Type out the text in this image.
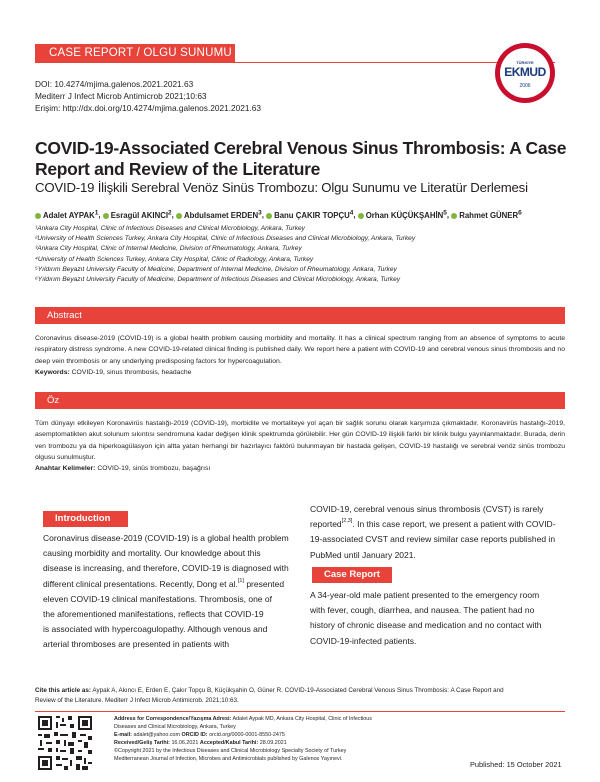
CASE REPORT / OLGU SUNUMU
TÜRKİYE
EKMUD
2006
DOI: 10.4274/mjima.galenos.2021.2021.63
Mediterr J Infect Microb Antimicrob 2021;10:63
Erişim: http://dx.doi.org/10.4274/mjima.galenos.2021.2021.63
COVID-19-Associated Cerebral Venous Sinus Thrombosis: A Case
Report and Review of the Literature
COVID-19 İlişkili Serebral Venöz Sinüs Trombozu: Olgu Sunumu ve Literatür Derlemesi
Adalet AYPAK$^1$, Esragül AKINCI$^2$, Abdulsamet ERDEN$^3$, Banu ÇAKIR TOPÇU$^4$, Orhan KÜÇÜKŞAHİN$^5$, Rahmet GÜNER$^6$
¹Ankara City Hospital, Clinic of Infectious Diseases and Clinical Microbiology, Ankara, Turkey
²University of Health Sciences Turkey, Ankara City Hospital, Clinic of Infectious Diseases and Clinical Microbiology, Ankara, Turkey
³Ankara City Hospital, Clinic of Internal Medicine, Division of Rheumatology, Ankara, Turkey
⁴University of Health Sciences Turkey, Ankara City Hospital, Clinic of Radiology, Ankara, Turkey
⁵Yıldırım Beyazıt University Faculty of Medicine, Department of Internal Medicine, Division of Rheumatology, Ankara, Turkey
⁶Yıldırım Beyazıt University Faculty of Medicine, Department of Infectious Diseases and Clinical Microbiology, Ankara, Turkey
Abstract
Coronavirus disease-2019 (COVID-19) is a global health problem causing morbidity and mortality. It has a clinical spectrum ranging from an absence of symptoms to acute respiratory distress syndrome. A new COVID-19-related clinical finding is published daily. We report here a patient with COVID-19 and cerebral venous sinus thrombosis and no deep vein thrombosis or any underlying predisposing factors for hypercoagulation.
Keywords: COVID-19, sinus thrombosis, headache
Öz
Tüm dünyayı etkileyen Koronavirüs hastalığı-2019 (COVID-19), morbidite ve mortaliteye yol açan bir sağlık sorunu olarak karşımıza çıkmaktadır. Koronavirüs hastalığı-2019, asemptomatikten akut solunum sıkıntısı sendromuna kadar değişen klinik spektrumda görülebilir. Her gün COVID-19 ilişkili farklı bir klinik bulgu yayınlanmaktadır. Burada, derin ven trombozu ya da hiperkoagülasyon için altta yatan herhangi bir hazırlayıcı faktörü bulunmayan bir hastada gelişen, COVID-19 hastalığı ve serebral venöz sinüs trombozu olgusu sunulmuştur.
Anahtar Kelimeler: COVID-19, sinüs trombozu, başağrısı
Introduction
Coronavirus disease-2019 (COVID-19) is a global health problem
causing morbidity and mortality. Our knowledge about this
disease is increasing, and therefore, COVID-19 is diagnosed with
different clinical presentations. Recently, Dong et al.[1] presented
eleven COVID-19 clinical manifestations. Thrombosis, one of
the aforementioned manifestations, reflects that COVID-19
is associated with hypercoagulopathy. Although venous and
arterial thromboses are presented in patients with
COVID-19, cerebral venous sinus thrombosis (CVST) is rarely
reported[2,3]. In this case report, we present a patient with COVID-
19-associated CVST and review similar case reports published in
PubMed until January 2021.
Case Report
A 34-year-old male patient presented to the emergency room
with fever, cough, diarrhea, and nausea. The patient had no
history of chronic disease and medication and no contact with
COVID-19-infected patients.
Cite this article as: Aypak A, Akıncı E, Erden E, Çakır Topçu B, Küçükşahin O, Güner R. COVID-19-Associated Cerebral Venous Sinus Thrombosis: A Case Report and
Review of the Literature. Mediterr J Infect Microb Antimicrob. 2021;10:63.
Address for Correspondence/Yazışma Adresi: Adalet Aypak MD, Ankara City Hospital, Clinic of Infectious
Diseases and Clinical Microbiology, Ankara, Turkey
E-mail: adalet@yahoo.com ORCID ID: orcid.org/0000-0001-8550-2475
Received/Geliş Tarihi: 16.06.2021 Accepted/Kabul Tarihi: 28.09.2021
©Copyright 2021 by the Infectious Diseases and Clinical Microbiology Specialty Society of Turkey
Mediterranean Journal of Infection, Microbes and Antimicrobials published by Galenos Yayınevi.
Published: 15 October 2021
